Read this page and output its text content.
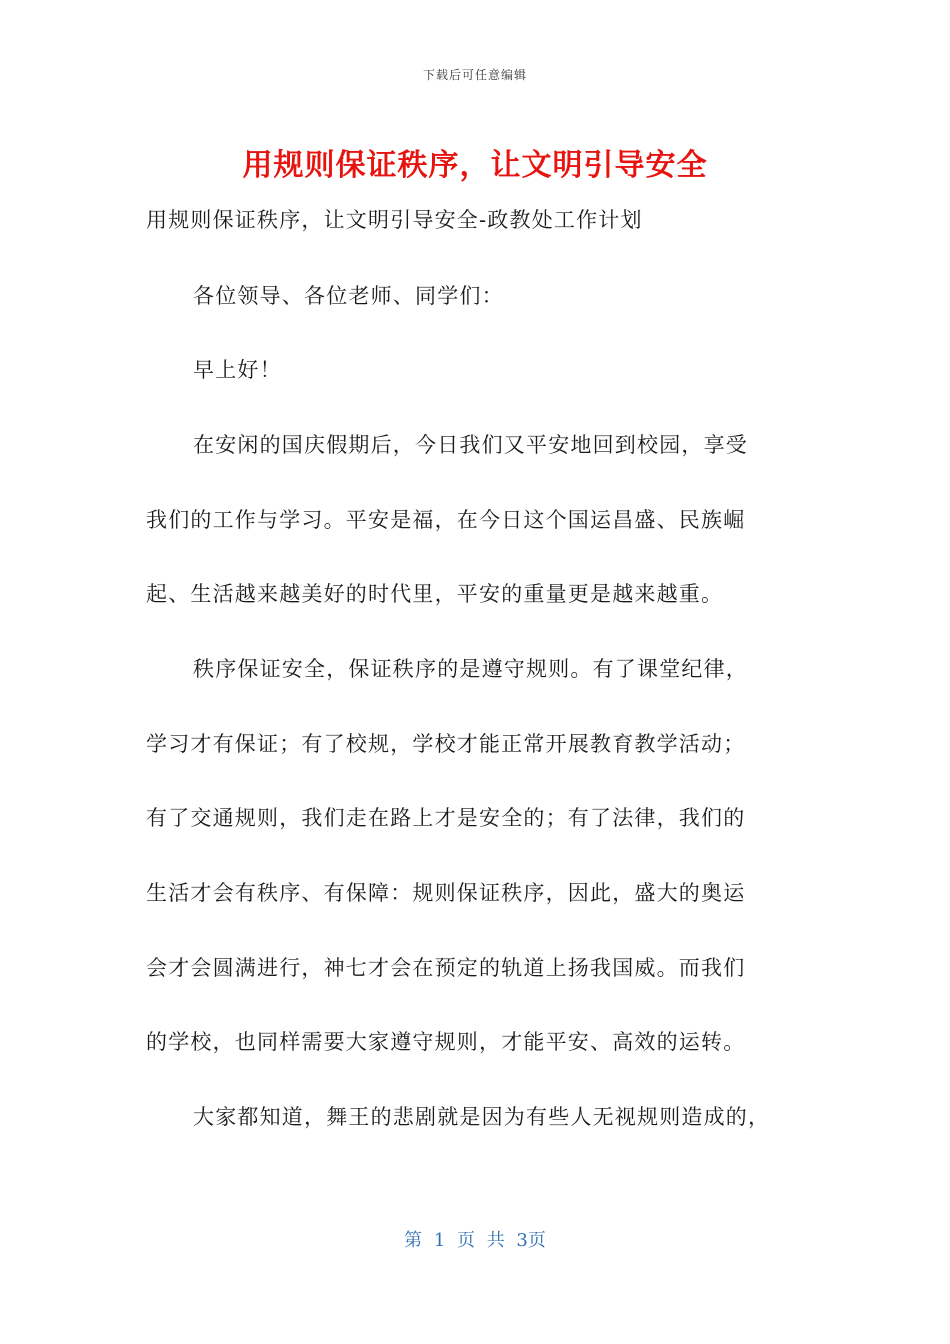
下载后可任意编辑
用规则保证秩序，让文明引导安全
用规则保证秩序，让文明引导安全-政教处工作计划
各位领导、各位老师、同学们：
早上好！
在安闲的国庆假期后，今日我们又平安地回到校园，享受
我们的工作与学习。平安是福，在今日这个国运昌盛、民族崛
起、生活越来越美好的时代里，平安的重量更是越来越重。
秩序保证安全，保证秩序的是遵守规则。有了课堂纪律，
学习才有保证；有了校规，学校才能正常开展教育教学活动；
有了交通规则，我们走在路上才是安全的；有了法律，我们的
生活才会有秩序、有保障：规则保证秩序，因此，盛大的奥运
会才会圆满进行，神七才会在预定的轨道上扬我国威。而我们
的学校，也同样需要大家遵守规则，才能平安、高效的运转。
大家都知道，舞王的悲剧就是因为有些人无视规则造成的，
第 1 页 共 3页
